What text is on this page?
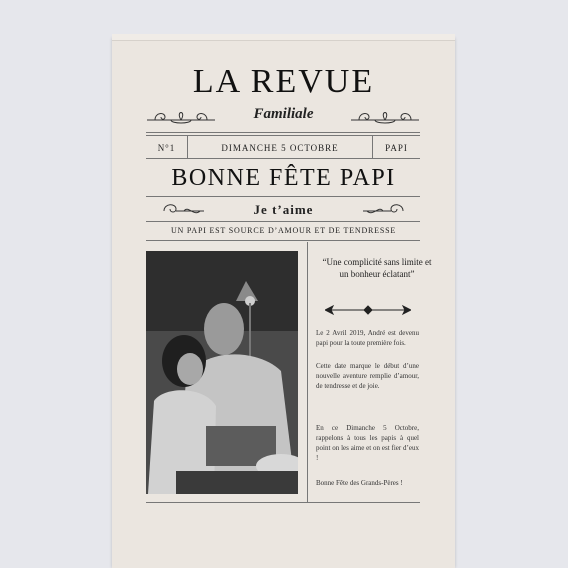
LA REVUE
Familiale
N°1	DIMANCHE 5 OCTOBRE	PAPI
BONNE FÊTE PAPI
Je t’aime
UN PAPI EST SOURCE D’AMOUR ET DE TENDRESSE
“Une complicité sans limite et un bonheur éclatant”
Le 2 Avril 2019, André est devenu papi pour la toute première fois.
Cette date marque le début d’une nouvelle aventure remplie d’amour, de tendresse et de joie.
En ce Dimanche 5 Octobre, rappelons à tous les papis à quel point on les aime et on est fier d’eux !
Bonne Fête des Grands-Pères !
